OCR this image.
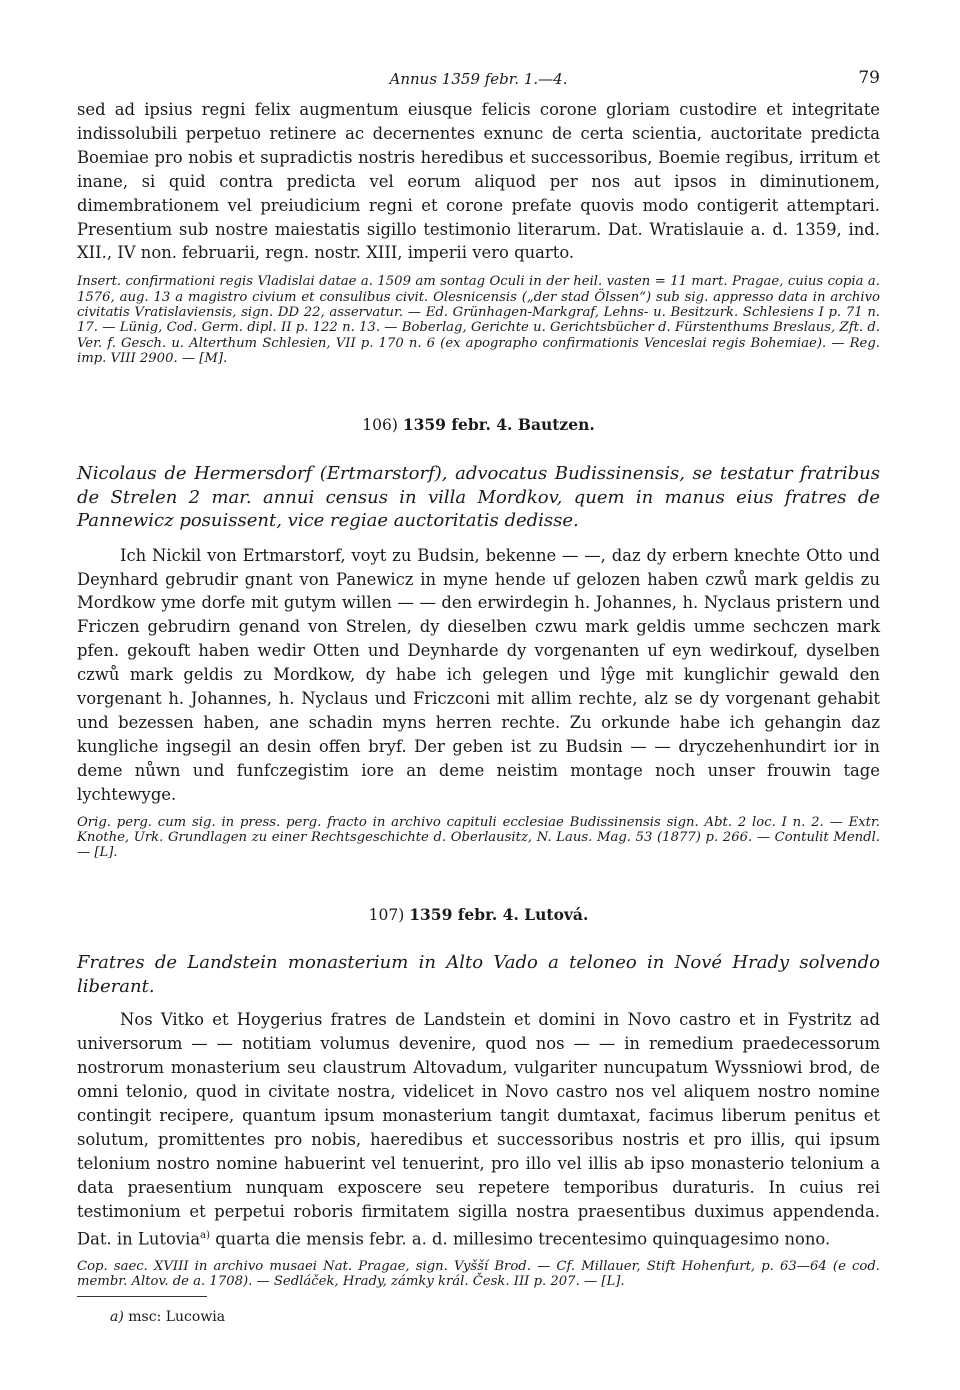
Annus 1359 febr. 1.—4.	79

sed ad ipsius regni felix augmentum eiusque felicis corone gloriam custodire et integritate indissolubili perpetuo retinere ac decernentes exnunc de certa scientia, auctoritate predicta Boemiae pro nobis et supradictis nostris heredibus et successoribus, Boemie regibus, irritum et inane, si quid contra predicta vel eorum aliquod per nos aut ipsos in diminutionem, dimembrationem vel preiudicium regni et corone prefate quovis modo contigerit attemptari. Presentium sub nostre maiestatis sigillo testimonio literarum. Dat. Wratislauie a. d. 1359, ind. XII., IV non. februarii, regn. nostr. XIII, imperii vero quarto.

Insert. confirmationi regis Vladislai datae a. 1509 am sontag Oculi in der heil. vasten = 11 mart. Pragae, cuius copia a. 1576, aug. 13 a magistro civium et consulibus civit. Olesnicensis („der stad Ölssen“) sub sig. appresso data in archivo civitatis Vratislaviensis, sign. DD 22, asservatur. — Ed. Grünhagen-Markgraf, Lehns- u. Besitzurk. Schlesiens I p. 71 n. 17. — Lünig, Cod. Germ. dipl. II p. 122 n. 13. — Boberlag, Gerichte u. Gerichtsbücher d. Fürstenthums Breslaus, Zft. d. Ver. f. Gesch. u. Alterthum Schlesien, VII p. 170 n. 6 (ex apographo confirmationis Venceslai regis Bohemiae). — Reg. imp. VIII 2900. — [M].

106) 1359 febr. 4. Bautzen.

Nicolaus de Hermersdorf (Ertmarstorf), advocatus Budissinensis, se testatur fratribus de Strelen 2 mar. annui census in villa Mordkov, quem in manus eius fratres de Pannewicz posuissent, vice regiae auctoritatis dedisse.

Ich Nickil von Ertmarstorf, voyt zu Budsin, bekenne — —, daz dy erbern knechte Otto und Deynhard gebrudir gnant von Panewicz in myne hende uf gelozen haben czwů mark geldis zu Mordkow yme dorfe mit gutym willen — — den erwirdegin h. Johannes, h. Nyclaus pristern und Friczen gebrudirn genand von Strelen, dy dieselben czwu mark geldis umme sechczen mark pfen. gekouft haben wedir Otten und Deynharde dy vorgenanten uf eyn wedirkouf, dyselben czwů mark geldis zu Mordkow, dy habe ich gelegen und lŷge mit kunglichir gewald den vorgenant h. Johannes, h. Nyclaus und Friczconi mit allim rechte, alz se dy vorgenant gehabit und bezessen haben, ane schadin myns herren rechte. Zu orkunde habe ich gehangin daz kungliche ingsegil an desin offen bryf. Der geben ist zu Budsin — — dryczehenhundirt ior in deme nůwn und funfczegistim iore an deme neistim montage noch unser frouwin tage lychtewyge.

Orig. perg. cum sig. in press. perg. fracto in archivo capituli ecclesiae Budissinensis sign. Abt. 2 loc. I n. 2. — Extr. Knothe, Urk. Grundlagen zu einer Rechtsgeschichte d. Oberlausitz, N. Laus. Mag. 53 (1877) p. 266. — Contulit Mendl. — [L].

107) 1359 febr. 4. Lutová.

Fratres de Landstein monasterium in Alto Vado a teloneo in Nové Hrady solvendo liberant.

Nos Vitko et Hoygerius fratres de Landstein et domini in Novo castro et in Fystritz ad universorum — — notitiam volumus devenire, quod nos — — in remedium praedecessorum nostrorum monasterium seu claustrum Altovadum, vulgariter nuncupatum Wyssniowi brod, de omni telonio, quod in civitate nostra, videlicet in Novo castro nos vel aliquem nostro nomine contingit recipere, quantum ipsum monasterium tangit dumtaxat, facimus liberum penitus et solutum, promittentes pro nobis, haeredibus et successoribus nostris et pro illis, qui ipsum telonium nostro nomine habuerint vel tenuerint, pro illo vel illis ab ipso monasterio telonium a data praesentium nunquam exposcere seu repetere temporibus duraturis. In cuius rei testimonium et perpetui roboris firmitatem sigilla nostra praesentibus duximus appendenda. Dat. in Lutovia$^{a)}$ quarta die mensis febr. a. d. millesimo trecentesimo quinquagesimo nono.

Cop. saec. XVIII in archivo musaei Nat. Pragae, sign. Vyšší Brod. — Cf. Millauer, Stift Hohenfurt, p. 63—64 (e cod. membr. Altov. de a. 1708). — Sedláček, Hrady, zámky král. Česk. III p. 207. — [L].

a) msc: Lucowia
